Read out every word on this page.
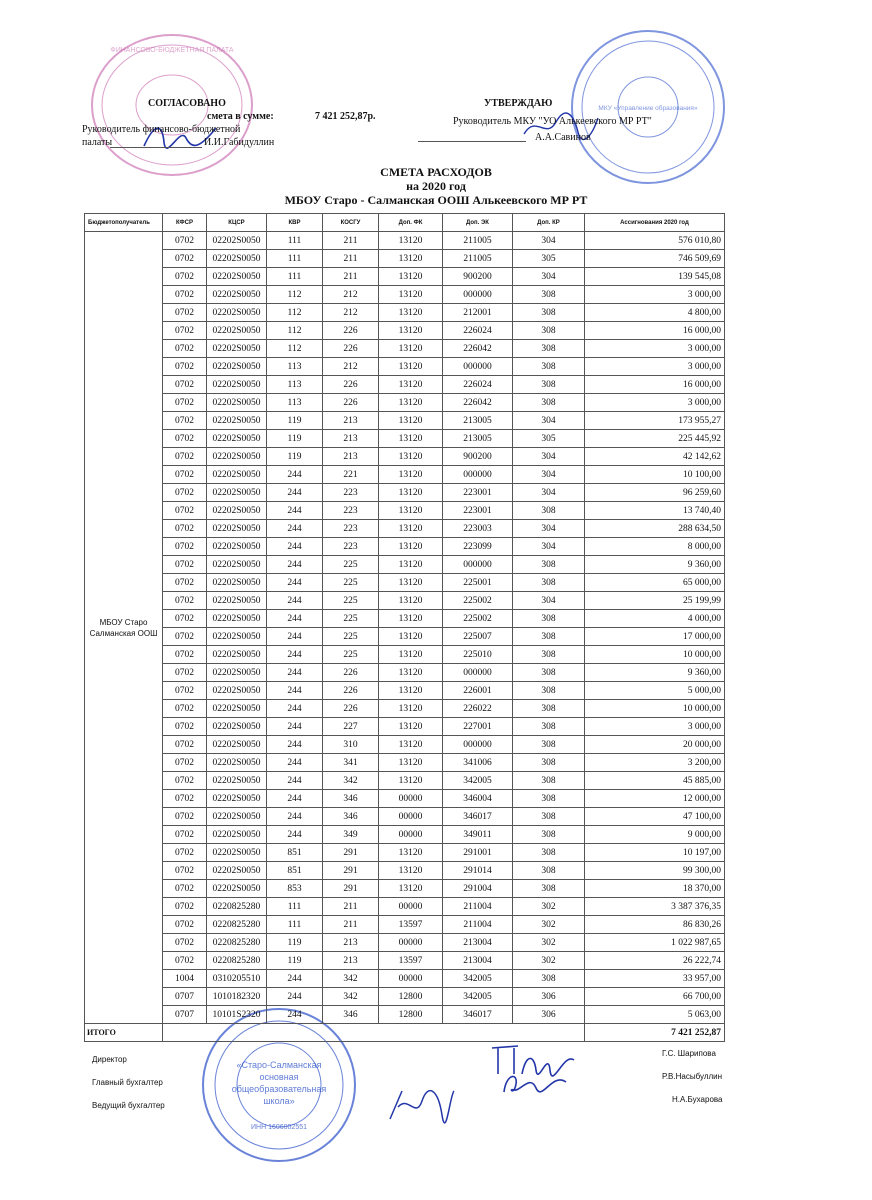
ФИНАНСОВО-БЮДЖЕТНАЯ ПАЛАТА
МКУ «Управление образования»
«Старо-Салманская
основная
общеобразовательная
школа»
ИНН 1606002551
СОГЛАСОВАНО
смета в сумме:	7 421 252,87р.
Руководитель финансово-бюджетной
палаты	И.И.Габидуллин
УТВЕРЖДАЮ
Руководитель МКУ "УО Алькеевского МР РТ"
А.А.Савинов
СМЕТА РАСХОДОВ
на 2020 год
МБОУ Старо - Салманская ООШ Алькеевского МР РТ
Бюджетополучатель	КФСР	КЦСР	КВР	КОСГУ	Доп. ФК	Доп. ЭК	Доп. КР	Ассигнования 2020 год
МБОУ Старо Салманская ООШ	0702	02202S0050	111	211	13120	211005	304	576 010,80
	0702	02202S0050	111	211	13120	211005	305	746 509,69
	0702	02202S0050	111	211	13120	900200	304	139 545,08
	0702	02202S0050	112	212	13120	000000	308	3 000,00
	0702	02202S0050	112	212	13120	212001	308	4 800,00
	0702	02202S0050	112	226	13120	226024	308	16 000,00
	0702	02202S0050	112	226	13120	226042	308	3 000,00
	0702	02202S0050	113	212	13120	000000	308	3 000,00
	0702	02202S0050	113	226	13120	226024	308	16 000,00
	0702	02202S0050	113	226	13120	226042	308	3 000,00
	0702	02202S0050	119	213	13120	213005	304	173 955,27
	0702	02202S0050	119	213	13120	213005	305	225 445,92
	0702	02202S0050	119	213	13120	900200	304	42 142,62
	0702	02202S0050	244	221	13120	000000	304	10 100,00
	0702	02202S0050	244	223	13120	223001	304	96 259,60
	0702	02202S0050	244	223	13120	223001	308	13 740,40
	0702	02202S0050	244	223	13120	223003	304	288 634,50
	0702	02202S0050	244	223	13120	223099	304	8 000,00
	0702	02202S0050	244	225	13120	000000	308	9 360,00
	0702	02202S0050	244	225	13120	225001	308	65 000,00
	0702	02202S0050	244	225	13120	225002	304	25 199,99
	0702	02202S0050	244	225	13120	225002	308	4 000,00
	0702	02202S0050	244	225	13120	225007	308	17 000,00
	0702	02202S0050	244	225	13120	225010	308	10 000,00
	0702	02202S0050	244	226	13120	000000	308	9 360,00
	0702	02202S0050	244	226	13120	226001	308	5 000,00
	0702	02202S0050	244	226	13120	226022	308	10 000,00
	0702	02202S0050	244	227	13120	227001	308	3 000,00
	0702	02202S0050	244	310	13120	000000	308	20 000,00
	0702	02202S0050	244	341	13120	341006	308	3 200,00
	0702	02202S0050	244	342	13120	342005	308	45 885,00
	0702	02202S0050	244	346	00000	346004	308	12 000,00
	0702	02202S0050	244	346	00000	346017	308	47 100,00
	0702	02202S0050	244	349	00000	349011	308	9 000,00
	0702	02202S0050	851	291	13120	291001	308	10 197,00
	0702	02202S0050	851	291	13120	291014	308	99 300,00
	0702	02202S0050	853	291	13120	291004	308	18 370,00
	0702	0220825280	111	211	00000	211004	302	3 387 376,35
	0702	0220825280	111	211	13597	211004	302	86 830,26
	0702	0220825280	119	213	00000	213004	302	1 022 987,65
	0702	0220825280	119	213	13597	213004	302	26 222,74
	1004	0310205510	244	342	00000	342005	308	33 957,00
	0707	1010182320	244	342	12800	342005	306	66 700,00
	0707	10101S2320	244	346	12800	346017	306	5 063,00
ИТОГО								7 421 252,87
Директор
Г.С. Шарипова
Главный бухгалтер
Р.В.Насыбуллин
Ведущий бухгалтер
Н.А.Бухарова
